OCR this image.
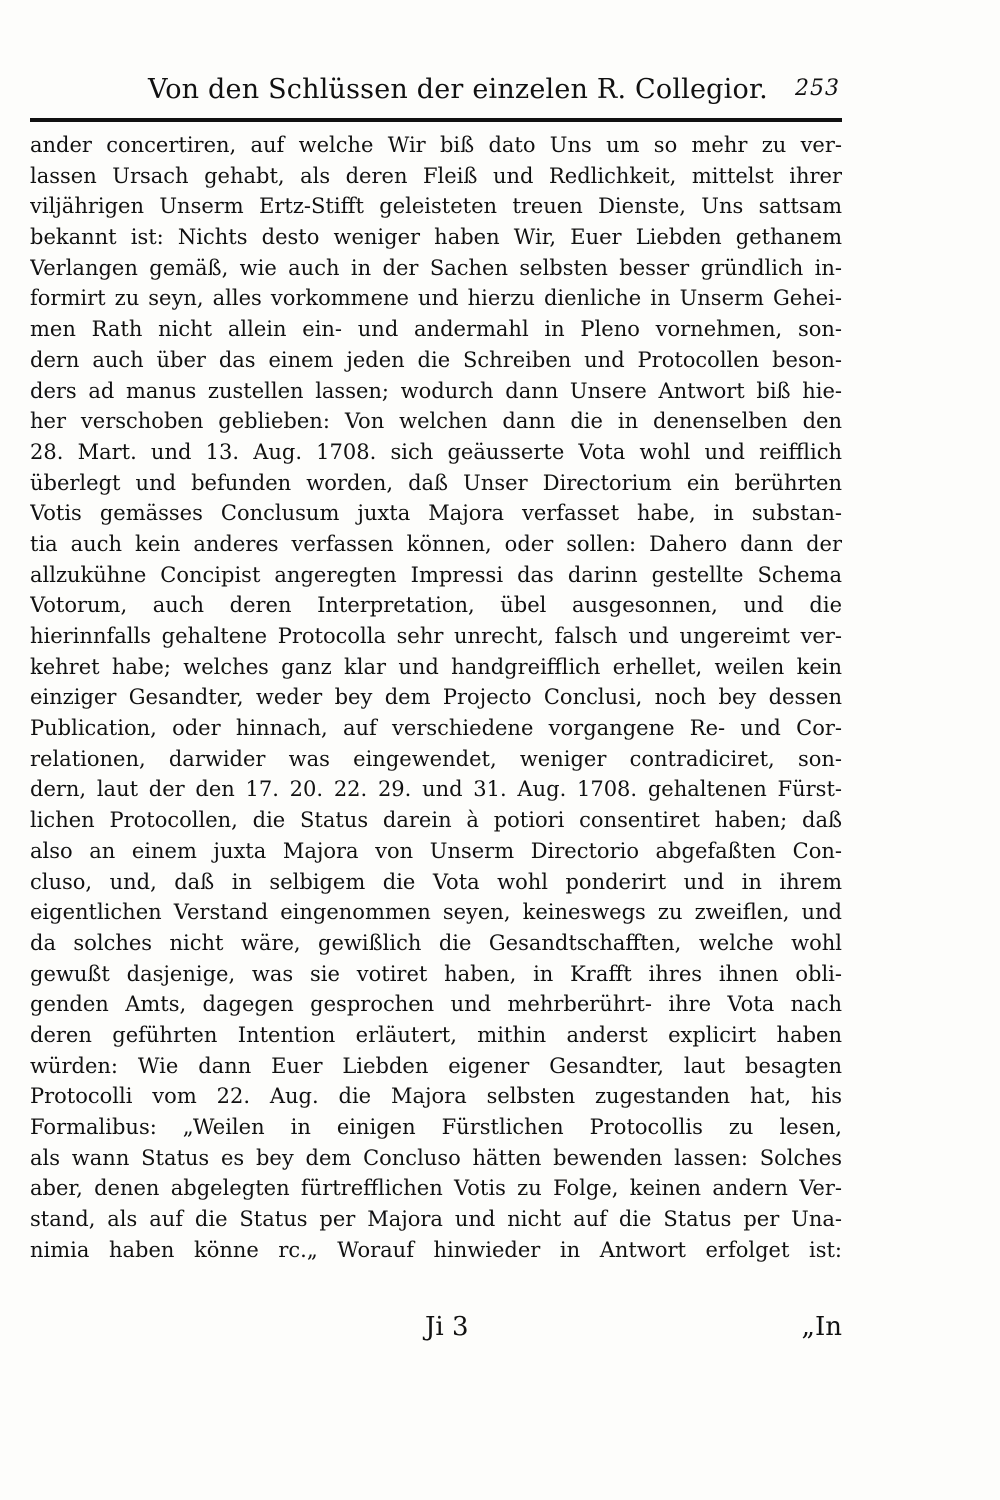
Von den Schlüssen der einzelen R. Collegior. 253
ander concertiren, auf welche Wir biß dato Uns um so mehr zu ver-
lassen Ursach gehabt, als deren Fleiß und Redlichkeit, mittelst ihrer
viljährigen Unserm Ertz-Stifft geleisteten treuen Dienste, Uns sattsam
bekannt ist: Nichts desto weniger haben Wir, Euer Liebden gethanem
Verlangen gemäß, wie auch in der Sachen selbsten besser gründlich in-
formirt zu seyn, alles vorkommene und hierzu dienliche in Unserm Gehei-
men Rath nicht allein ein- und andermahl in Pleno vornehmen, son-
dern auch über das einem jeden die Schreiben und Protocollen beson-
ders ad manus zustellen lassen; wodurch dann Unsere Antwort biß hie-
her verschoben geblieben: Von welchen dann die in denenselben den
28. Mart. und 13. Aug. 1708. sich geäusserte Vota wohl und reifflich
überlegt und befunden worden, daß Unser Directorium ein berührten
Votis gemässes Conclusum juxta Majora verfasset habe, in substan-
tia auch kein anderes verfassen können, oder sollen: Dahero dann der
allzukühne Concipist angeregten Impressi das darinn gestellte Schema
Votorum, auch deren Interpretation, übel ausgesonnen, und die
hierinnfalls gehaltene Protocolla sehr unrecht, falsch und ungereimt ver-
kehret habe; welches ganz klar und handgreifflich erhellet, weilen kein
einziger Gesandter, weder bey dem Projecto Conclusi, noch bey dessen
Publication, oder hinnach, auf verschiedene vorgangene Re- und Cor-
relationen, darwider was eingewendet, weniger contradiciret, son-
dern, laut der den 17. 20. 22. 29. und 31. Aug. 1708. gehaltenen Fürst-
lichen Protocollen, die Status darein à potiori consentiret haben; daß
also an einem juxta Majora von Unserm Directorio abgefaßten Con-
cluso, und, daß in selbigem die Vota wohl ponderirt und in ihrem
eigentlichen Verstand eingenommen seyen, keineswegs zu zweiflen, und
da solches nicht wäre, gewißlich die Gesandtschafften, welche wohl
gewußt dasjenige, was sie votiret haben, in Krafft ihres ihnen obli-
genden Amts, dagegen gesprochen und mehrberührt- ihre Vota nach
deren geführten Intention erläutert, mithin anderst explicirt haben
würden: Wie dann Euer Liebden eigener Gesandter, laut besagten
Protocolli vom 22. Aug. die Majora selbsten zugestanden hat, his
Formalibus: „Weilen in einigen Fürstlichen Protocollis zu lesen,
als wann Status es bey dem Concluso hätten bewenden lassen: Solches
aber, denen abgelegten fürtrefflichen Votis zu Folge, keinen andern Ver-
stand, als auf die Status per Majora und nicht auf die Status per Una-
nimia haben könne rc.„ Worauf hinwieder in Antwort erfolget ist:
Ji 3	„In
